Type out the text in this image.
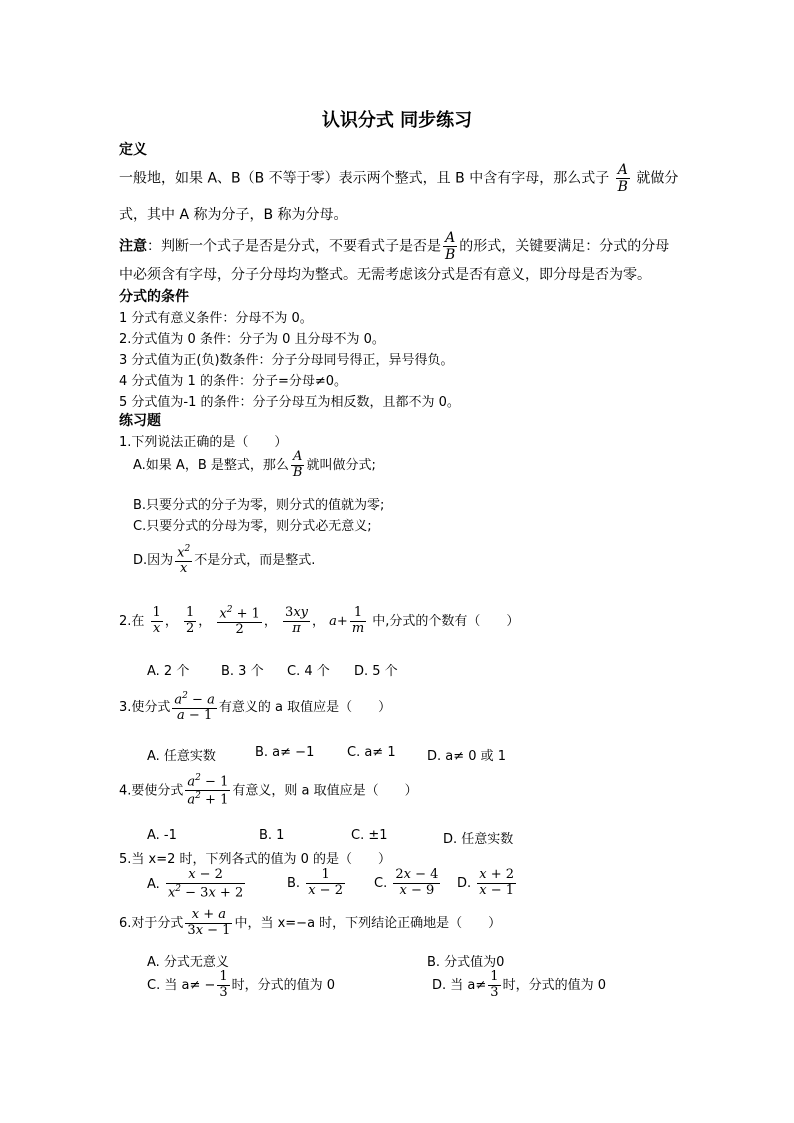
认识分式 同步练习
定义
一般地，如果 A、B（B 不等于零）表示两个整式，且 B 中含有字母，那么式子 $\frac{A}{B}$ 就做分
式，其中 A 称为分子，B 称为分母。
注意：判断一个式子是否是分式，不要看式子是否是 $\frac{A}{B}$ 的形式，关键要满足：分式的分母
中必须含有字母，分子分母均为整式。无需考虑该分式是否有意义，即分母是否为零。
分式的条件
1 分式有意义条件：分母不为 0。
2.分式值为 0 条件：分子为 0 且分母不为 0。
3 分式值为正(负)数条件：分子分母同号得正，异号得负。
4 分式值为 1 的条件：分子=分母≠0。
5 分式值为-1 的条件：分子分母互为相反数，且都不为 0。
练习题
1.下列说法正确的是（　　）
A.如果 A，B 是整式，那么 $\frac{A}{B}$ 就叫做分式;
B.只要分式的分子为零，则分式的值就为零;
C.只要分式的分母为零，则分式必无意义;
D.因为 $\frac{x^2}{x}$ 不是分式，而是整式.
2.在 $\frac{1}{x}$ ， $\frac{1}{2}$ ， $\frac{x^2 + 1}{2}$ ， $\frac{3xy}{\pi}$ ， $a+ \frac{1}{m}$ 中,分式的个数有（　　）
A. 2 个 B. 3 个 C. 4 个 D. 5 个
3.使分式 $\frac{a^2 - a}{a - 1}$ 有意义的 a 取值应是（　　）
A. 任意实数	B. a≠ −1	C. a≠ 1 D. a≠ 0 或 1
4.要使分式 $\frac{a^2 - 1}{a^2 + 1}$ 有意义，则 a 取值应是（　　）
A. -1	B. 1	C. ±1	D. 任意实数
5.当 x=2 时，下列各式的值为 0 的是（　　）
A. $\frac{x - 2}{x^2 - 3x + 2}$	B. $\frac{1}{x - 2} C$. $\frac{2x - 4}{x - 9} D$. $\frac{x + 2}{x - 1}$
6.对于分式 $\frac{x + a}{3x - 1}$ 中，当 x=−a 时，下列结论正确地是（　　）
A. 分式无意义	B. 分式值为0
C. 当 $a\ne - \frac{1}{3}$ 时，分式的值为 0	D. 当 $a\ne \frac{1}{3}$ 时，分式的值为 0
